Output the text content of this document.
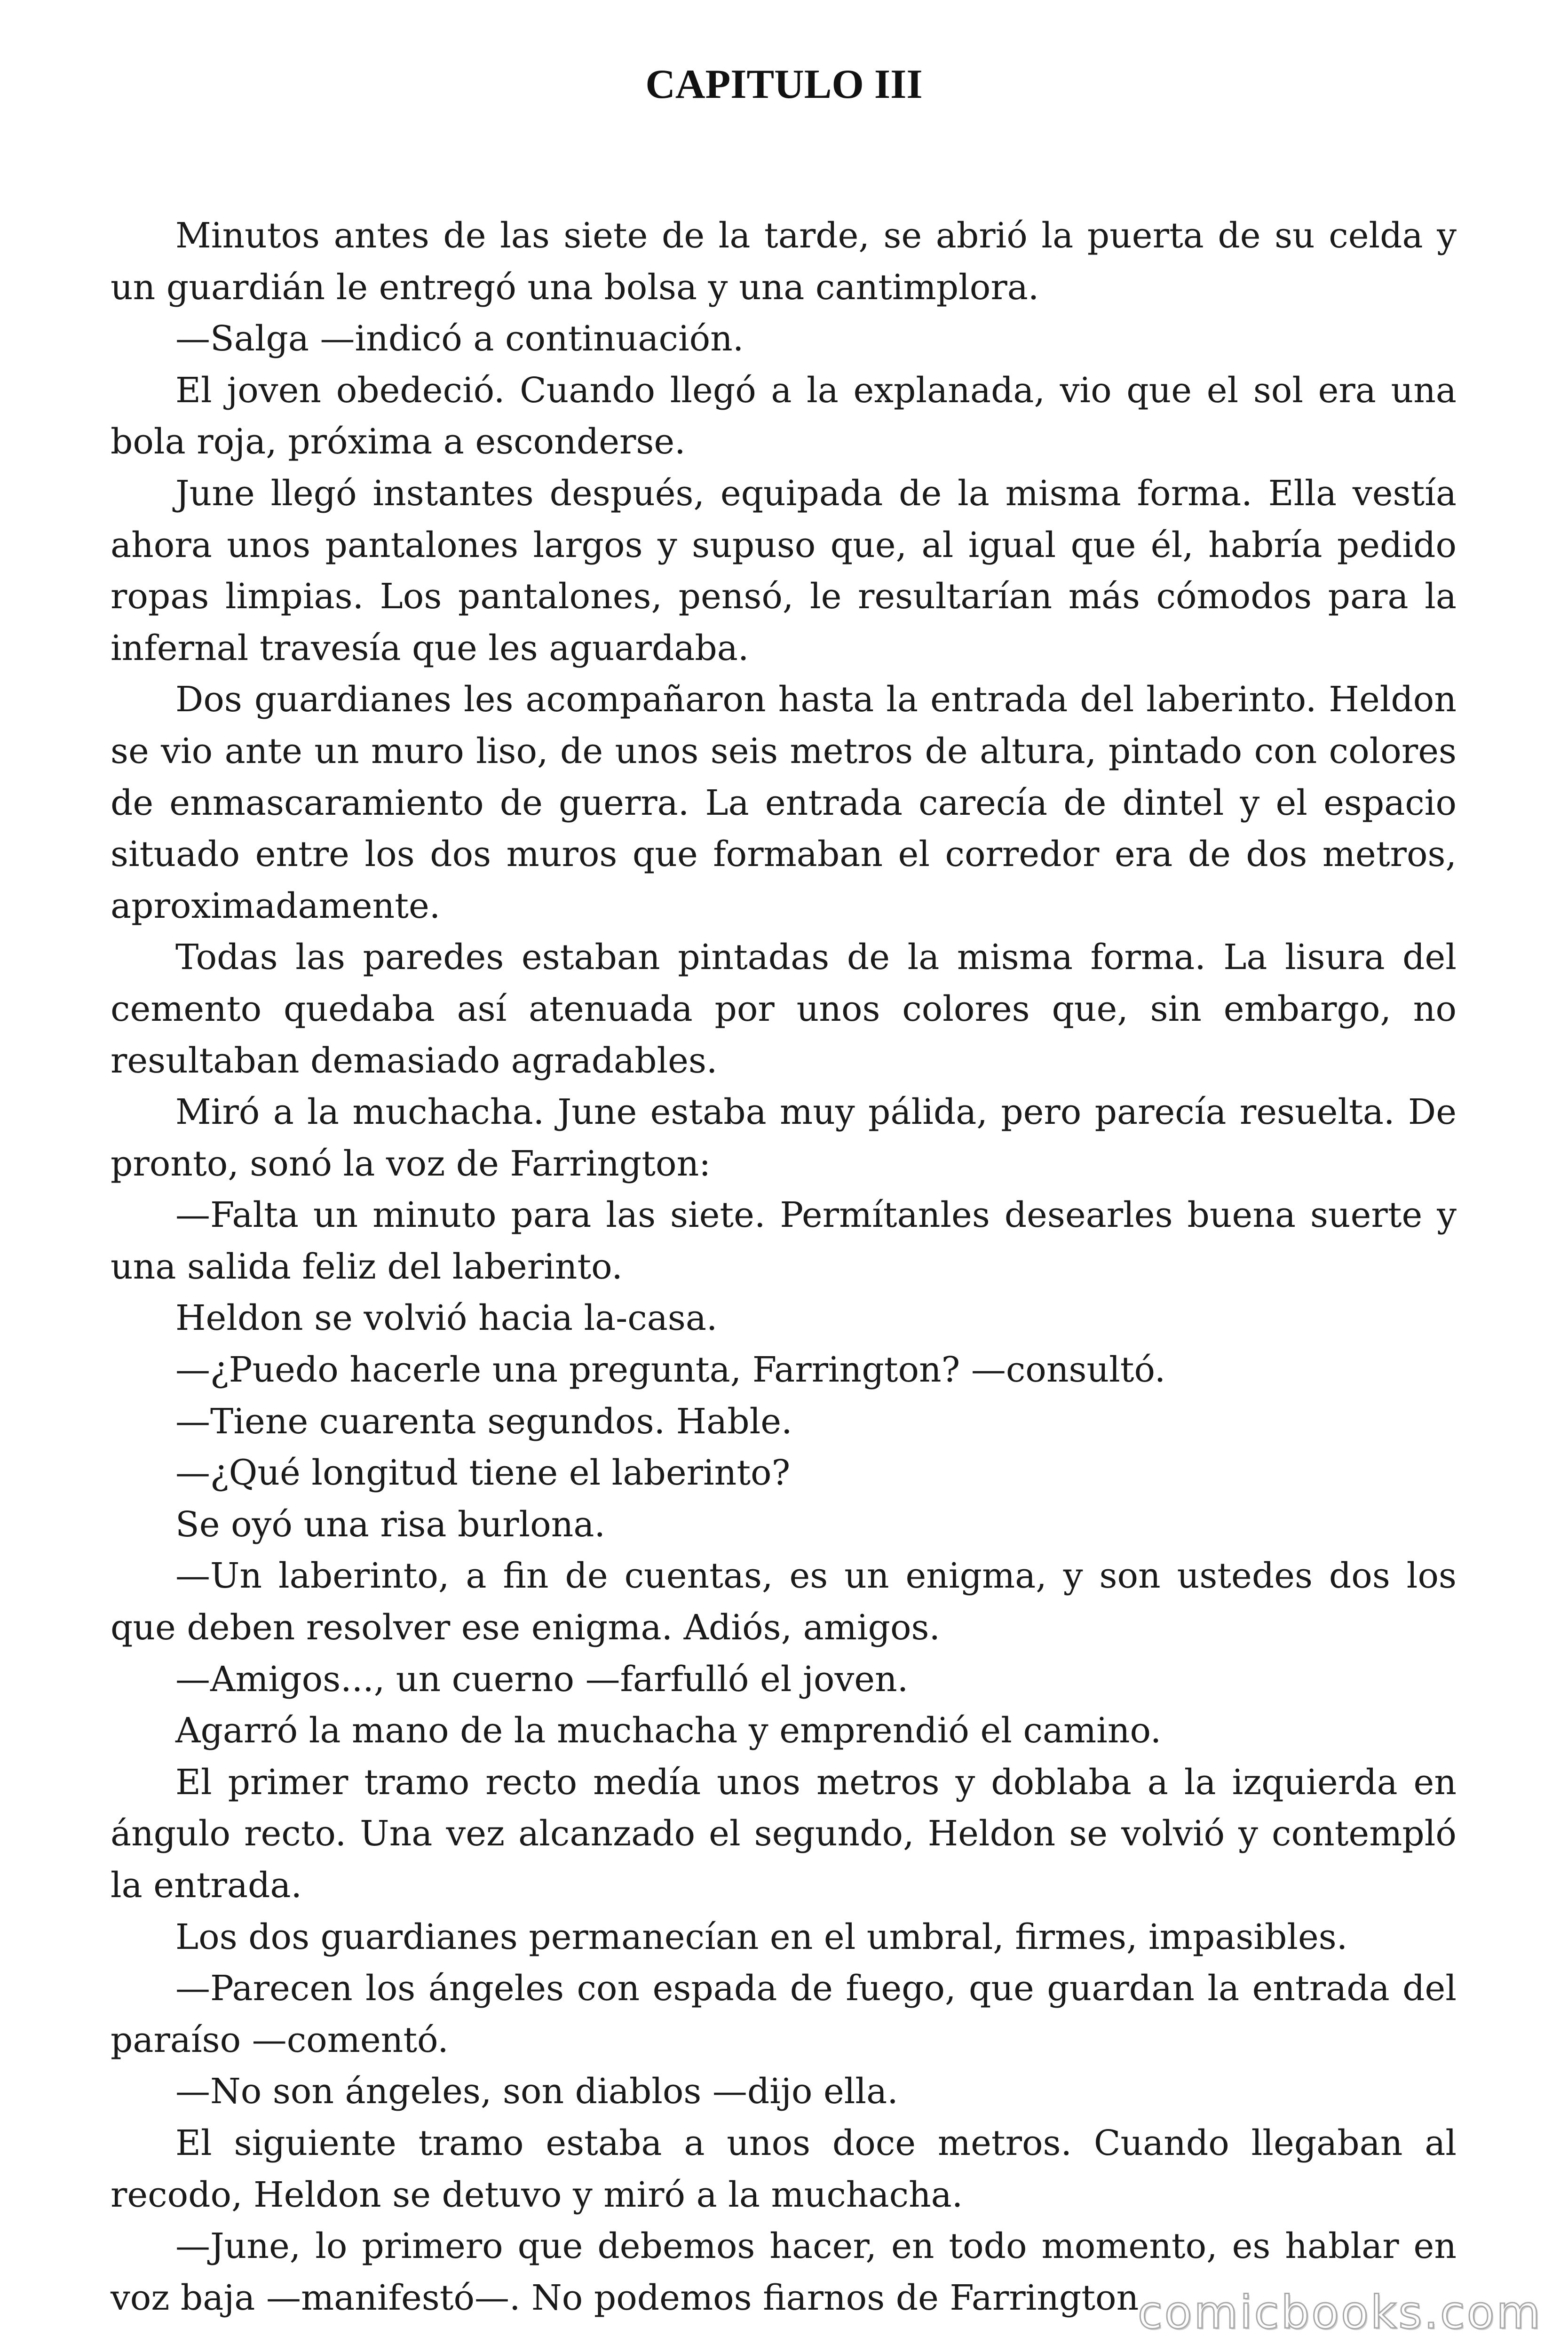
CAPITULO III

Minutos antes de las siete de la tarde, se abrió la puerta de su celda y un guardián le entregó una bolsa y una cantimplora.

—Salga —indicó a continuación.

El joven obedeció. Cuando llegó a la explanada, vio que el sol era una bola roja, próxima a esconderse.

June llegó instantes después, equipada de la misma forma. Ella vestía ahora unos pantalones largos y supuso que, al igual que él, habría pedido ropas limpias. Los pantalones, pensó, le resultarían más cómodos para la infernal travesía que les aguardaba.

Dos guardianes les acompañaron hasta la entrada del laberinto. Heldon se vio ante un muro liso, de unos seis metros de altura, pintado con colores de enmascaramiento de guerra. La entrada carecía de dintel y el espacio situado entre los dos muros que formaban el corredor era de dos metros, aproximadamente.

Todas las paredes estaban pintadas de la misma forma. La lisura del cemento quedaba así atenuada por unos colores que, sin embargo, no resultaban demasiado agradables.

Miró a la muchacha. June estaba muy pálida, pero parecía resuelta. De pronto, sonó la voz de Farrington:

—Falta un minuto para las siete. Permítanles desearles buena suerte y una salida feliz del laberinto.

Heldon se volvió hacia la-casa.

—¿Puedo hacerle una pregunta, Farrington? —consultó.

—Tiene cuarenta segundos. Hable.

—¿Qué longitud tiene el laberinto?

Se oyó una risa burlona.

—Un laberinto, a fin de cuentas, es un enigma, y son ustedes dos los que deben resolver ese enigma. Adiós, amigos.

—Amigos..., un cuerno —farfulló el joven.

Agarró la mano de la muchacha y emprendió el camino.

El primer tramo recto medía unos metros y doblaba a la izquierda en ángulo recto. Una vez alcanzado el segundo, Heldon se volvió y contempló la entrada.

Los dos guardianes permanecían en el umbral, firmes, impasibles.

—Parecen los ángeles con espada de fuego, que guardan la entrada del paraíso —comentó.

—No son ángeles, son diablos —dijo ella.

El siguiente tramo estaba a unos doce metros. Cuando llegaban al recodo, Heldon se detuvo y miró a la muchacha.

—June, lo primero que debemos hacer, en todo momento, es hablar en voz baja —manifestó—. No podemos fiarnos de Farrington

comicbooks.com
